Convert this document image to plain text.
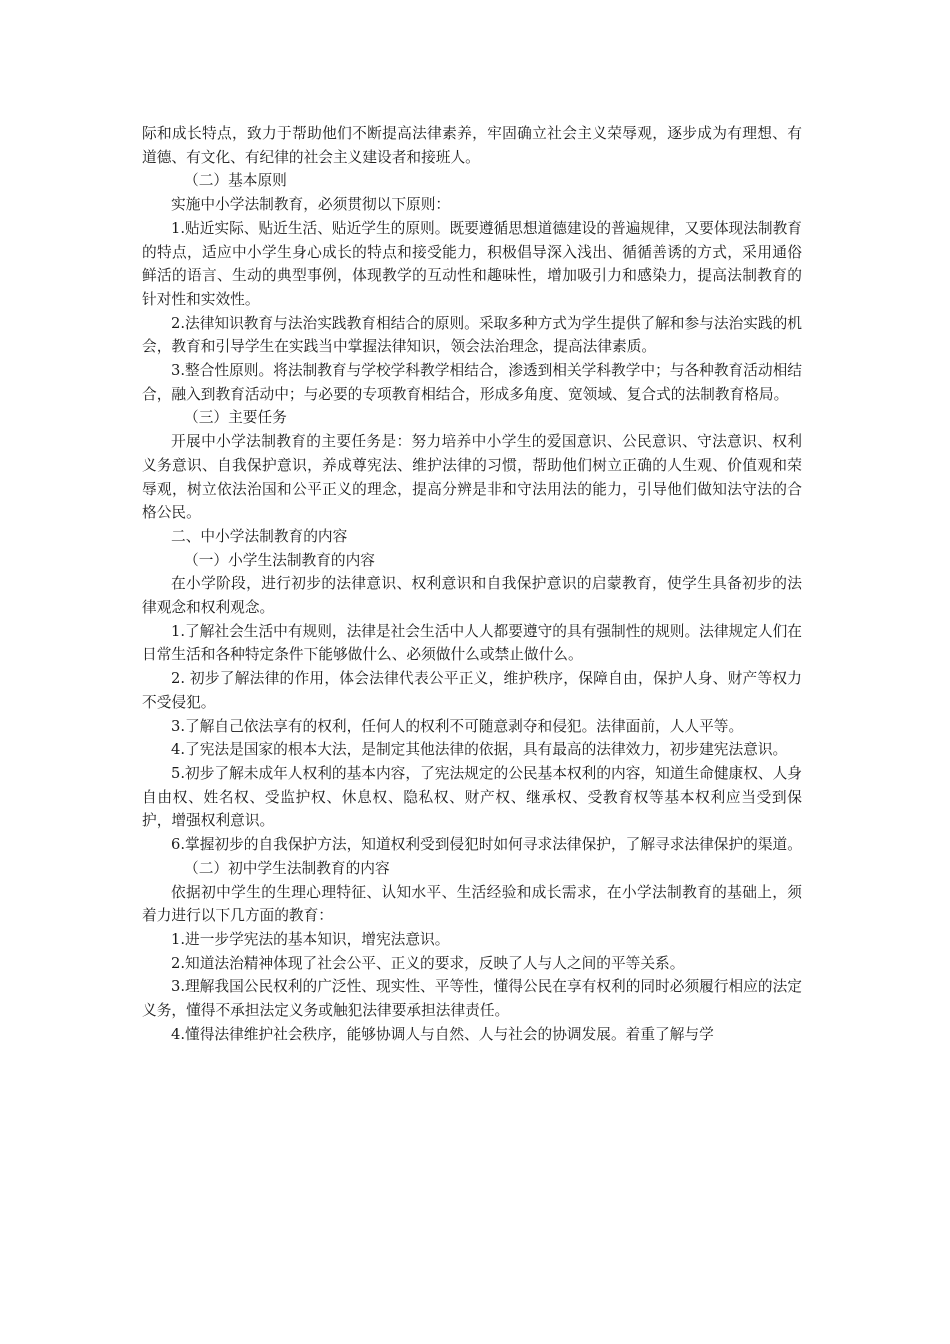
际和成长特点，致力于帮助他们不断提高法律素养，牢固确立社会主义荣辱观，逐步成为有理想、有道德、有文化、有纪律的社会主义建设者和接班人。

（二）基本原则

实施中小学法制教育，必须贯彻以下原则：

1.贴近实际、贴近生活、贴近学生的原则。既要遵循思想道德建设的普遍规律，又要体现法制教育的特点，适应中小学生身心成长的特点和接受能力，积极倡导深入浅出、循循善诱的方式，采用通俗鲜活的语言、生动的典型事例，体现教学的互动性和趣味性，增加吸引力和感染力，提高法制教育的针对性和实效性。

2.法律知识教育与法治实践教育相结合的原则。采取多种方式为学生提供了解和参与法治实践的机会，教育和引导学生在实践当中掌握法律知识，领会法治理念，提高法律素质。

3.整合性原则。将法制教育与学校学科教学相结合，渗透到相关学科教学中；与各种教育活动相结合，融入到教育活动中；与必要的专项教育相结合，形成多角度、宽领域、复合式的法制教育格局。

（三）主要任务

开展中小学法制教育的主要任务是：努力培养中小学生的爱国意识、公民意识、守法意识、权利义务意识、自我保护意识，养成尊宪法、维护法律的习惯，帮助他们树立正确的人生观、价值观和荣辱观，树立依法治国和公平正义的理念，提高分辨是非和守法用法的能力，引导他们做知法守法的合格公民。

二、中小学法制教育的内容

（一）小学生法制教育的内容

在小学阶段，进行初步的法律意识、权利意识和自我保护意识的启蒙教育，使学生具备初步的法律观念和权利观念。

1.了解社会生活中有规则，法律是社会生活中人人都要遵守的具有强制性的规则。法律规定人们在日常生活和各种特定条件下能够做什么、必须做什么或禁止做什么。

2. 初步了解法律的作用，体会法律代表公平正义，维护秩序，保障自由，保护人身、财产等权力不受侵犯。

3.了解自己依法享有的权利，任何人的权利不可随意剥夺和侵犯。法律面前，人人平等。

4.了宪法是国家的根本大法，是制定其他法律的依据，具有最高的法律效力，初步建宪法意识。

5.初步了解未成年人权利的基本内容，了宪法规定的公民基本权利的内容，知道生命健康权、人身自由权、姓名权、受监护权、休息权、隐私权、财产权、继承权、受教育权等基本权利应当受到保护，增强权利意识。

6.掌握初步的自我保护方法，知道权利受到侵犯时如何寻求法律保护，了解寻求法律保护的渠道。

（二）初中学生法制教育的内容

依据初中学生的生理心理特征、认知水平、生活经验和成长需求，在小学法制教育的基础上，须着力进行以下几方面的教育：

1.进一步学宪法的基本知识，增宪法意识。

2.知道法治精神体现了社会公平、正义的要求，反映了人与人之间的平等关系。

3.理解我国公民权利的广泛性、现实性、平等性，懂得公民在享有权利的同时必须履行相应的法定义务，懂得不承担法定义务或触犯法律要承担法律责任。

4.懂得法律维护社会秩序，能够协调人与自然、人与社会的协调发展。着重了解与学
